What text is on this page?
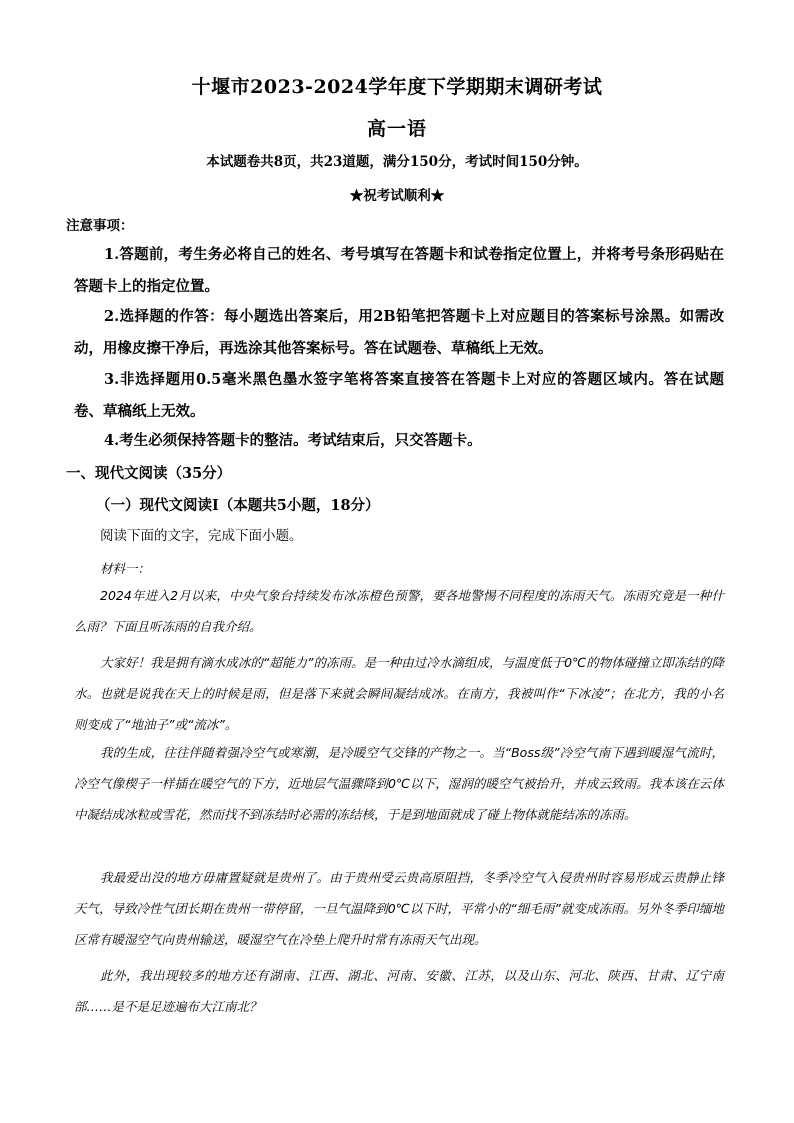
十堰市2023-2024学年度下学期期末调研考试
高一语
本试题卷共8页，共23道题，满分150分，考试时间150分钟。
★祝考试顺利★
注意事项：
1.答题前，考生务必将自己的姓名、考号填写在答题卡和试卷指定位置上，并将考号条形码贴在答题卡上的指定位置。
2.选择题的作答：每小题选出答案后，用2B铅笔把答题卡上对应题目的答案标号涂黑。如需改动，用橡皮擦干净后，再选涂其他答案标号。答在试题卷、草稿纸上无效。
3.非选择题用0.5毫米黑色墨水签字笔将答案直接答在答题卡上对应的答题区域内。答在试题卷、草稿纸上无效。
4.考生必须保持答题卡的整洁。考试结束后，只交答题卡。
一、现代文阅读（35分）
（一）现代文阅读Ⅰ（本题共5小题，18分）
阅读下面的文字，完成下面小题。
材料一：
2024年进入2月以来，中央气象台持续发布冰冻橙色预警，要各地警惕不同程度的冻雨天气。冻雨究竟是一种什么雨？下面且听冻雨的自我介绍。
大家好！我是拥有滴水成冰的“超能力”的冻雨。是一种由过冷水滴组成，与温度低于0℃的物体碰撞立即冻结的降水。也就是说我在天上的时候是雨，但是落下来就会瞬间凝结成冰。在南方，我被叫作“下冰凌”；在北方，我的小名则变成了“地油子”或“流冰”。
我的生成，往往伴随着强冷空气或寒潮，是冷暖空气交锋的产物之一。当“Boss级”冷空气南下遇到暖湿气流时，冷空气像楔子一样插在暖空气的下方，近地层气温骤降到0℃以下，湿润的暖空气被抬升，并成云致雨。我本该在云体中凝结成冰粒或雪花，然而找不到冻结时必需的冻结核，于是到地面就成了碰上物体就能结冻的冻雨。
我最爱出没的地方毋庸置疑就是贵州了。由于贵州受云贵高原阻挡，冬季冷空气入侵贵州时容易形成云贵静止锋天气，导致冷性气团长期在贵州一带停留，一旦气温降到0℃以下时，平常小的“细毛雨”就变成冻雨。另外冬季印缅地区常有暖湿空气向贵州输送，暖湿空气在冷垫上爬升时常有冻雨天气出现。
此外，我出现较多的地方还有湖南、江西、湖北、河南、安徽、江苏，以及山东、河北、陕西、甘肃、辽宁南部……是不是足迹遍布大江南北？
